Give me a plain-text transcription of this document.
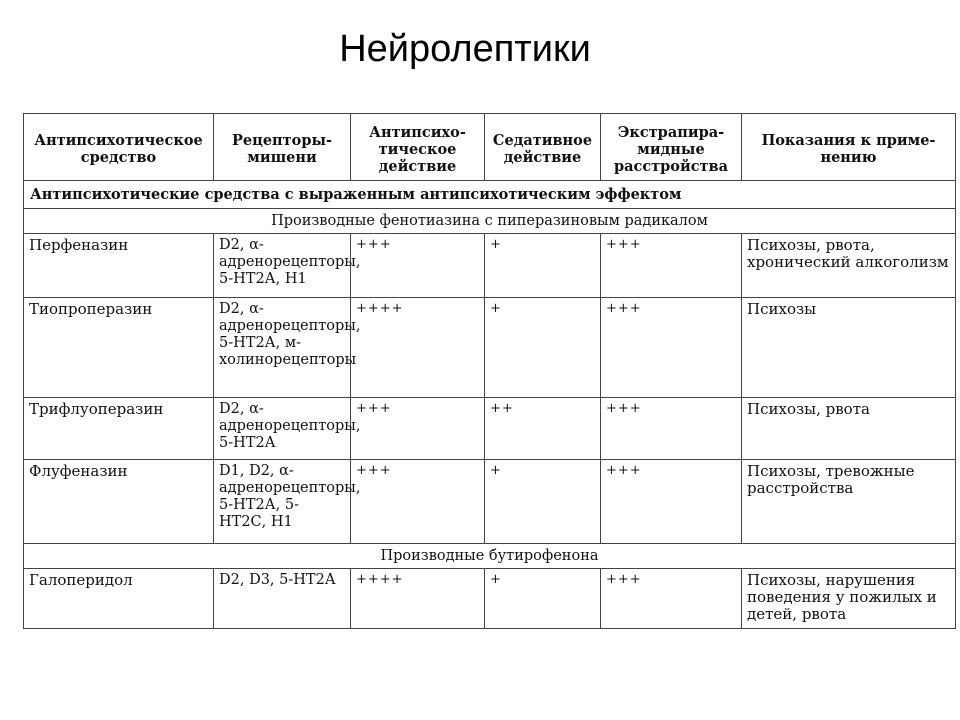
Нейролептики
Антипсихотическое средство	Рецепторы-мишени	Антипсихо-тическое действие	Седативное действие	Экстрапира-мидные расстройства	Показания к приме-нению
Антипсихотические средства с выраженным антипсихотическим эффектом					
Производные фенотиазина с пиперазиновым радикалом					
Перфеназин	D2, α-адренорецепторы, 5-НТ2А, Н1	+++	+	+++	Психозы, рвота, хронический алкоголизм
Тиопроперазин	D2, α-адренорецепторы, 5-НТ2А, м-холинорецепторы	++++	+	+++	Психозы
Трифлуоперазин	D2, α-адренорецепторы, 5-НТ2А	+++	++	+++	Психозы, рвота
Флуфеназин	D1, D2, α-адренорецепторы, 5-НТ2А, 5-НТ2С, Н1	+++	+	+++	Психозы, тревожные расстройства
Производные бутирофенона					
Галоперидол	D2, D3, 5-НТ2А	++++	+	+++	Психозы, нарушения поведения у пожилых и детей, рвота
